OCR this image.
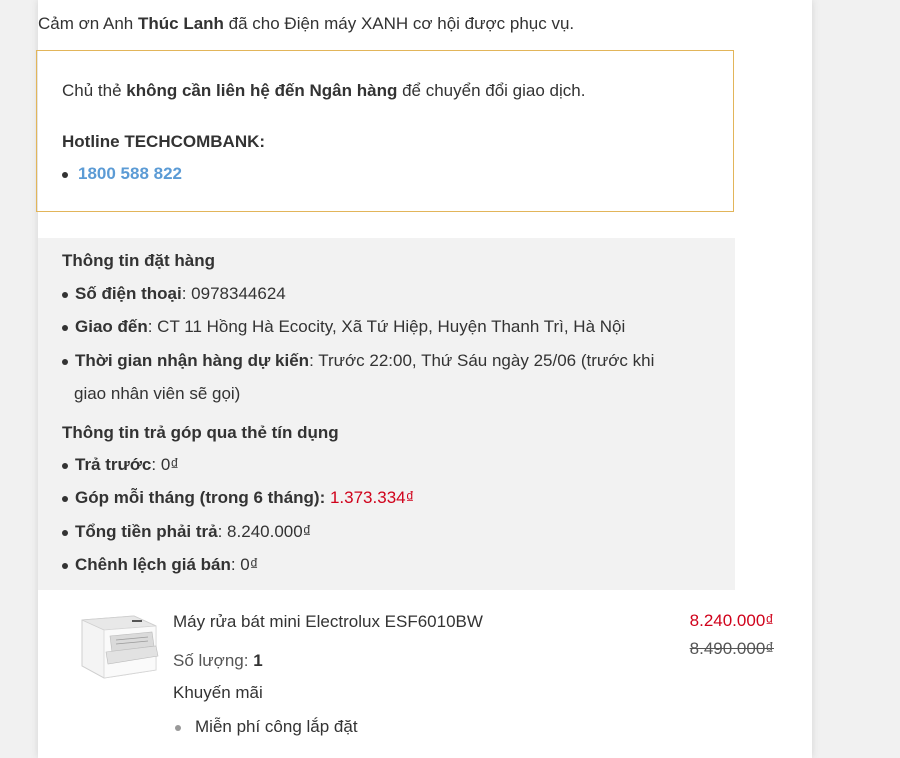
Cảm ơn Anh Thúc Lanh đã cho Điện máy XANH cơ hội được phục vụ.
Chủ thẻ không cần liên hệ đến Ngân hàng để chuyển đổi giao dịch.
Hotline TECHCOMBANK:
1800 588 822
Thông tin đặt hàng
Số điện thoại: 0978344624
Giao đến: CT 11 Hồng Hà Ecocity, Xã Tứ Hiệp, Huyện Thanh Trì, Hà Nội
Thời gian nhận hàng dự kiến: Trước 22:00, Thứ Sáu ngày 25/06 (trước khi
giao nhân viên sẽ gọi)
Thông tin trả góp qua thẻ tín dụng
Trả trước: 0₫
Góp mỗi tháng (trong 6 tháng): 1.373.334₫
Tổng tiền phải trả: 8.240.000₫
Chênh lệch giá bán: 0₫
Máy rửa bát mini Electrolux ESF6010BW
Số lượng: 1
Khuyến mãi
Miễn phí công lắp đặt
8.240.000₫
8.490.000₫
